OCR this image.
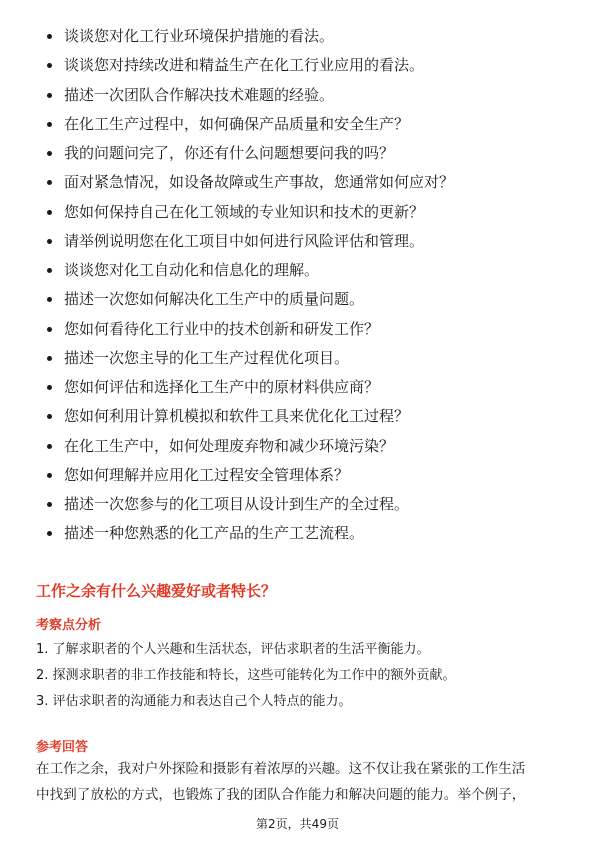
谈谈您对化工行业环境保护措施的看法。
谈谈您对持续改进和精益生产在化工行业应用的看法。
描述一次团队合作解决技术难题的经验。
在化工生产过程中，如何确保产品质量和安全生产？
我的问题问完了，你还有什么问题想要问我的吗？
面对紧急情况，如设备故障或生产事故，您通常如何应对？
您如何保持自己在化工领域的专业知识和技术的更新？
请举例说明您在化工项目中如何进行风险评估和管理。
谈谈您对化工自动化和信息化的理解。
描述一次您如何解决化工生产中的质量问题。
您如何看待化工行业中的技术创新和研发工作？
描述一次您主导的化工生产过程优化项目。
您如何评估和选择化工生产中的原材料供应商？
您如何利用计算机模拟和软件工具来优化化工过程？
在化工生产中，如何处理废弃物和减少环境污染？
您如何理解并应用化工过程安全管理体系？
描述一次您参与的化工项目从设计到生产的全过程。
描述一种您熟悉的化工产品的生产工艺流程。
工作之余有什么兴趣爱好或者特长？
考察点分析
1. 了解求职者的个人兴趣和生活状态，评估求职者的生活平衡能力。
2. 探测求职者的非工作技能和特长，这些可能转化为工作中的额外贡献。
3. 评估求职者的沟通能力和表达自己个人特点的能力。
参考回答

在工作之余，我对户外探险和摄影有着浓厚的兴趣。这不仅让我在紧张的工作生活

中找到了放松的方式，也锻炼了我的团队合作能力和解决问题的能力。举个例子，

第2页，共49页
